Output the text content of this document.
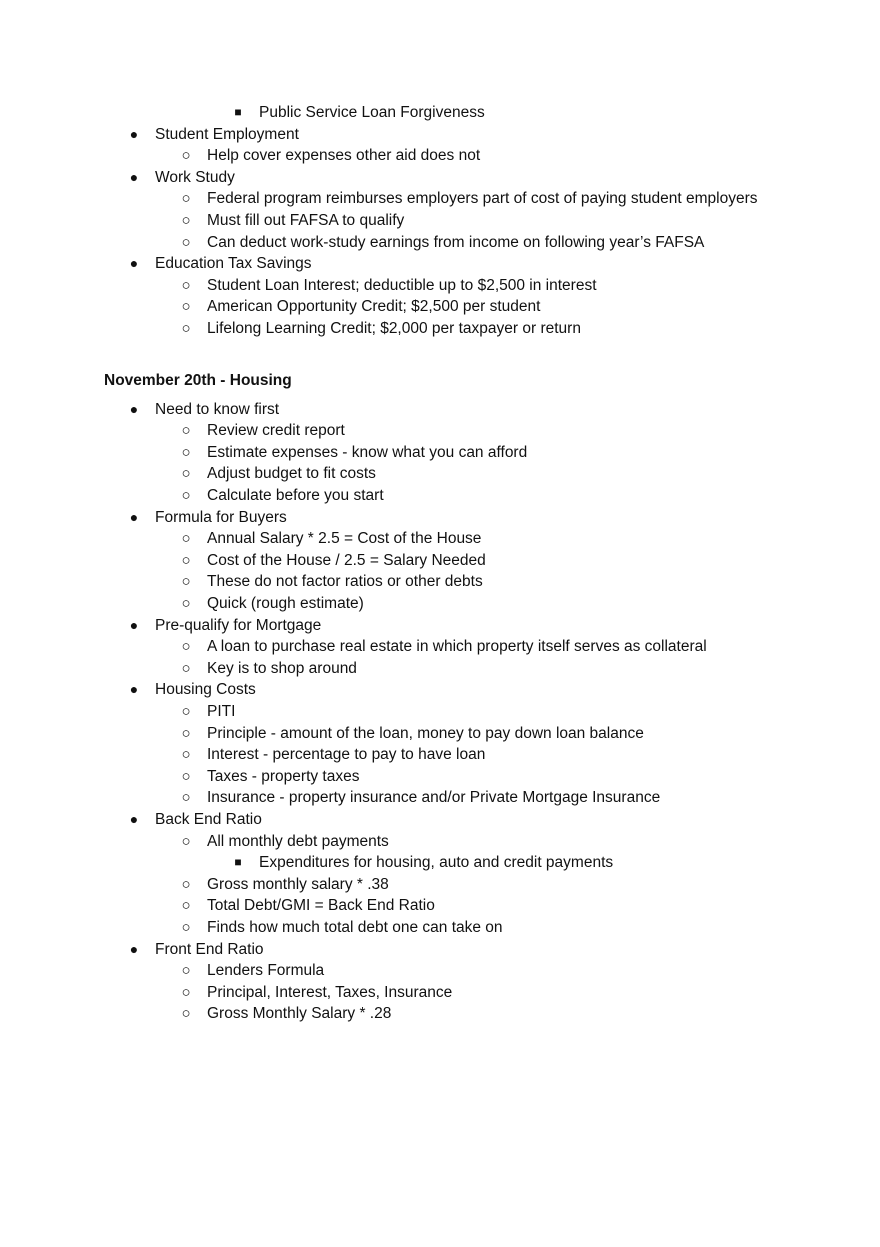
■ Public Service Loan Forgiveness
● Student Employment
○ Help cover expenses other aid does not
● Work Study
○ Federal program reimburses employers part of cost of paying student employers
○ Must fill out FAFSA to qualify
○ Can deduct work-study earnings from income on following year’s FAFSA
● Education Tax Savings
○ Student Loan Interest; deductible up to $2,500 in interest
○ American Opportunity Credit; $2,500 per student
○ Lifelong Learning Credit; $2,000 per taxpayer or return
November 20th - Housing
● Need to know first
○ Review credit report
○ Estimate expenses - know what you can afford
○ Adjust budget to fit costs
○ Calculate before you start
● Formula for Buyers
○ Annual Salary * 2.5 = Cost of the House
○ Cost of the House / 2.5 = Salary Needed
○ These do not factor ratios or other debts
○ Quick (rough estimate)
● Pre-qualify for Mortgage
○ A loan to purchase real estate in which property itself serves as collateral
○ Key is to shop around
● Housing Costs
○ PITI
○ Principle - amount of the loan, money to pay down loan balance
○ Interest - percentage to pay to have loan
○ Taxes - property taxes
○ Insurance - property insurance and/or Private Mortgage Insurance
● Back End Ratio
○ All monthly debt payments
■ Expenditures for housing, auto and credit payments
○ Gross monthly salary * .38
○ Total Debt/GMI = Back End Ratio
○ Finds how much total debt one can take on
● Front End Ratio
○ Lenders Formula
○ Principal, Interest, Taxes, Insurance
○ Gross Monthly Salary * .28
